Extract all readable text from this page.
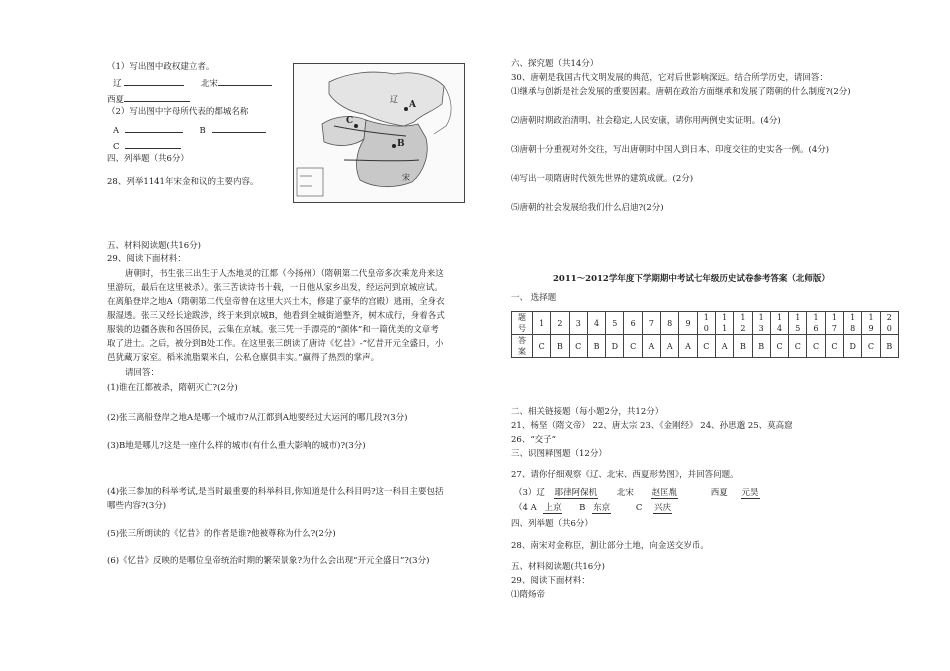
（1）写出图中政权建立者。
辽	北宋
西夏
（2）写出图中字母所代表的都城名称
A	B
C
四、列举题（共6分）
28、列举1141年宋金和议的主要内容。
五、材料阅读题(共16分)
29、阅读下面材料：
唐朝时，书生张三出生于人杰地灵的江都（今扬州）（隋朝第二代皇帝多次乘龙舟来这
里游玩，最后在这里被杀）。张三苦读诗书十载，一日他从家乡出发，经运河到京城应试。
在离船登岸之地A（隋朝第二代皇帝曾在这里大兴土木，修建了豪华的宫殿）逃雨，全身衣
服湿透。张三又经长途跋涉，终于来到京城B，他看到全城街道整齐，树木成行，身着各式
服装的边疆各族和各国侨民，云集在京城。张三凭一手漂亮的“颜体”和一篇优美的文章考
取了进士。之后，被分到B处工作。在这里张三朗读了唐诗《忆昔》-“忆昔开元全盛日，小
邑犹藏万家室。稻米流脂粟米白，公私仓廪俱丰实。”赢得了热烈的掌声。
请回答：
(1)谁在江都被杀，隋朝灭亡?(2分)
(2)张三离船登岸之地A是哪一个城市?从江都到A地要经过大运河的哪几段?(3分)
(3)B地是哪儿?这是一座什么样的城市(有什么重大影响的城市)?(3分)
(4)张三参加的科举考试,是当时最重要的科举科目,你知道是什么科目吗?这一科目主要包括
哪些内容?(3分)
(5)张三所朗读的《忆昔》的作者是谁?他被尊称为什么?(2分)
(6)《忆昔》反映的是哪位皇帝统治时期的繁荣景象?为什么会出现“开元全盛日”?(3分)
辽
A
C
B
宋
六、探究题（共14分）
30、唐朝是我国古代文明发展的典范，它对后世影响深远。结合所学历史，请回答：
⑴继承与创新是社会发展的重要因素。唐朝在政治方面继承和发展了隋朝的什么制度?(2分)
⑵唐朝时期政治清明、社会稳定,人民安康，请你用两例史实证明。(4分)
⑶唐朝十分重视对外交往，写出唐朝时中国人到日本、印度交往的史实各一例。(4分)
⑷写出一项隋唐时代领先世界的建筑成就。(2分)
⑸唐朝的社会发展给我们什么启迪?(2分)
2011～2012学年度下学期期中考试七年级历史试卷参考答案（北师版）
一、 选择题
题号	1	2	3	4	5	6	7	8	9	10	11	12	13	14	15	16	17	18	19	20
答案	C	B	C	B	D	C	A	A	A	C	A	B	B	C	C	C	C	D	C	B
二、相关链接题（每小题2分，共12分）
21、杨坚（隋文帝） 22、唐太宗 23、《金刚经》 24、孙思邈 25、莫高窟
26、“交子”
三、识图释图题（12分）
27、请你仔细观察《辽、北宋、西夏形势图》，并回答问题。
（3）辽 耶律阿保机 北宋 赵匡胤	西夏 元昊
（4 A 上京 B 东京	C 兴庆
四、列举题（共6分）
28、南宋对金称臣，割让部分土地，向金送交岁币。
五、材料阅读题(共16分)
29、阅读下面材料：
⑴隋炀帝
